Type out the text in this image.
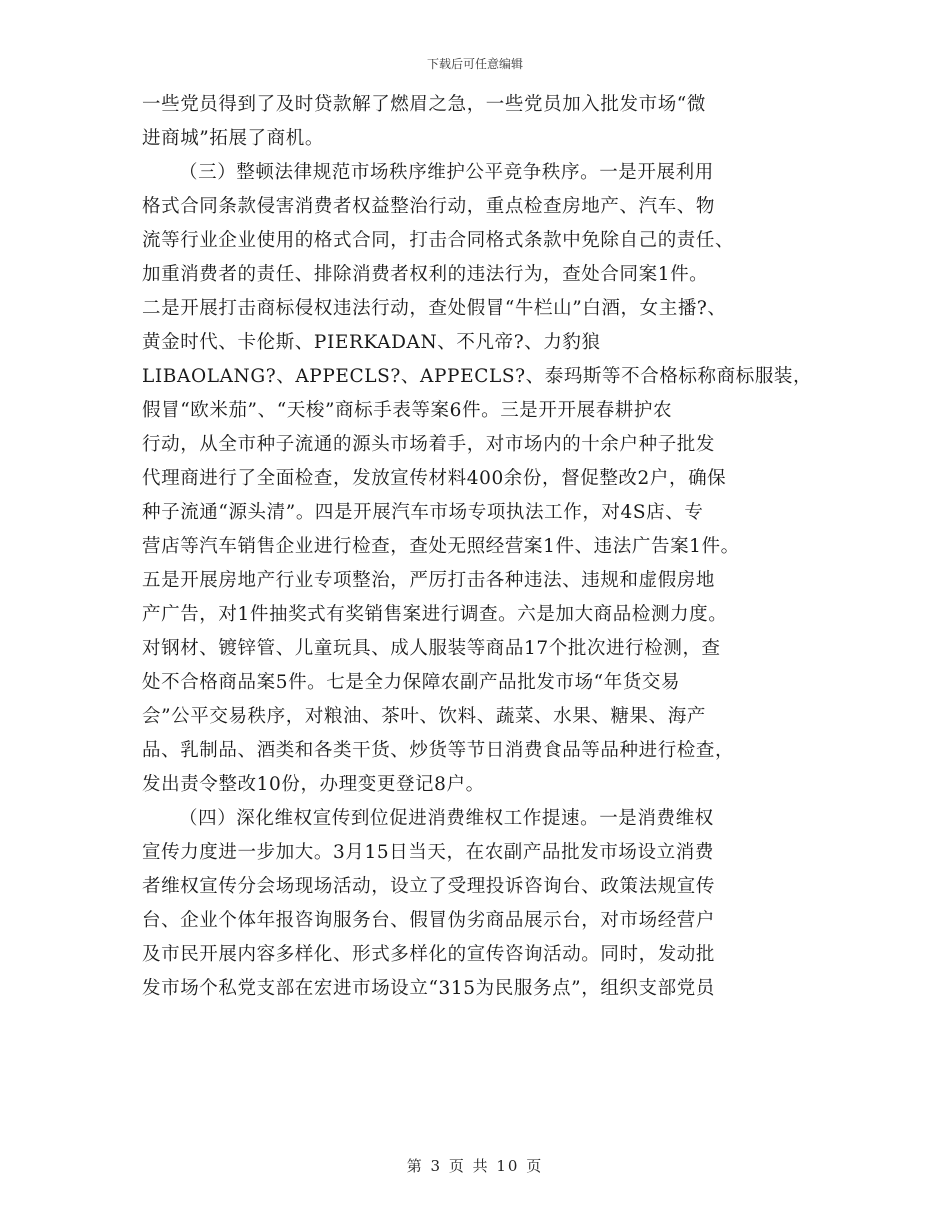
下载后可任意编辑
一些党员得到了及时贷款解了燃眉之急，一些党员加入批发市场“微
进商城”拓展了商机。
（三）整顿法律规范市场秩序维护公平竞争秩序。一是开展利用
格式合同条款侵害消费者权益整治行动，重点检查房地产、汽车、物
流等行业企业使用的格式合同，打击合同格式条款中免除自己的责任、
加重消费者的责任、排除消费者权利的违法行为，查处合同案1件。
二是开展打击商标侵权违法行动，查处假冒“牛栏山”白酒，女主播?、
黄金时代、卡伦斯、PIERKADAN、不凡帝?、力豹狼
LIBAOLANG?、APPECLS?、APPECLS?、泰玛斯等不合格标称商标服装，
假冒“欧米茄”、“天梭”商标手表等案6件。三是开开展春耕护农
行动，从全市种子流通的源头市场着手，对市场内的十余户种子批发
代理商进行了全面检查，发放宣传材料400余份，督促整改2户，确保
种子流通“源头清”。四是开展汽车市场专项执法工作，对4S店、专
营店等汽车销售企业进行检查，查处无照经营案1件、违法广告案1件。
五是开展房地产行业专项整治，严厉打击各种违法、违规和虚假房地
产广告，对1件抽奖式有奖销售案进行调查。六是加大商品检测力度。
对钢材、镀锌管、儿童玩具、成人服装等商品17个批次进行检测，查
处不合格商品案5件。七是全力保障农副产品批发市场“年货交易
会”公平交易秩序，对粮油、茶叶、饮料、蔬菜、水果、糖果、海产
品、乳制品、酒类和各类干货、炒货等节日消费食品等品种进行检查，
发出责令整改10份，办理变更登记8户。
（四）深化维权宣传到位促进消费维权工作提速。一是消费维权
宣传力度进一步加大。3月15日当天，在农副产品批发市场设立消费
者维权宣传分会场现场活动，设立了受理投诉咨询台、政策法规宣传
台、企业个体年报咨询服务台、假冒伪劣商品展示台，对市场经营户
及市民开展内容多样化、形式多样化的宣传咨询活动。同时，发动批
发市场个私党支部在宏进市场设立“315为民服务点”，组织支部党员
第 3 页 共 10 页
